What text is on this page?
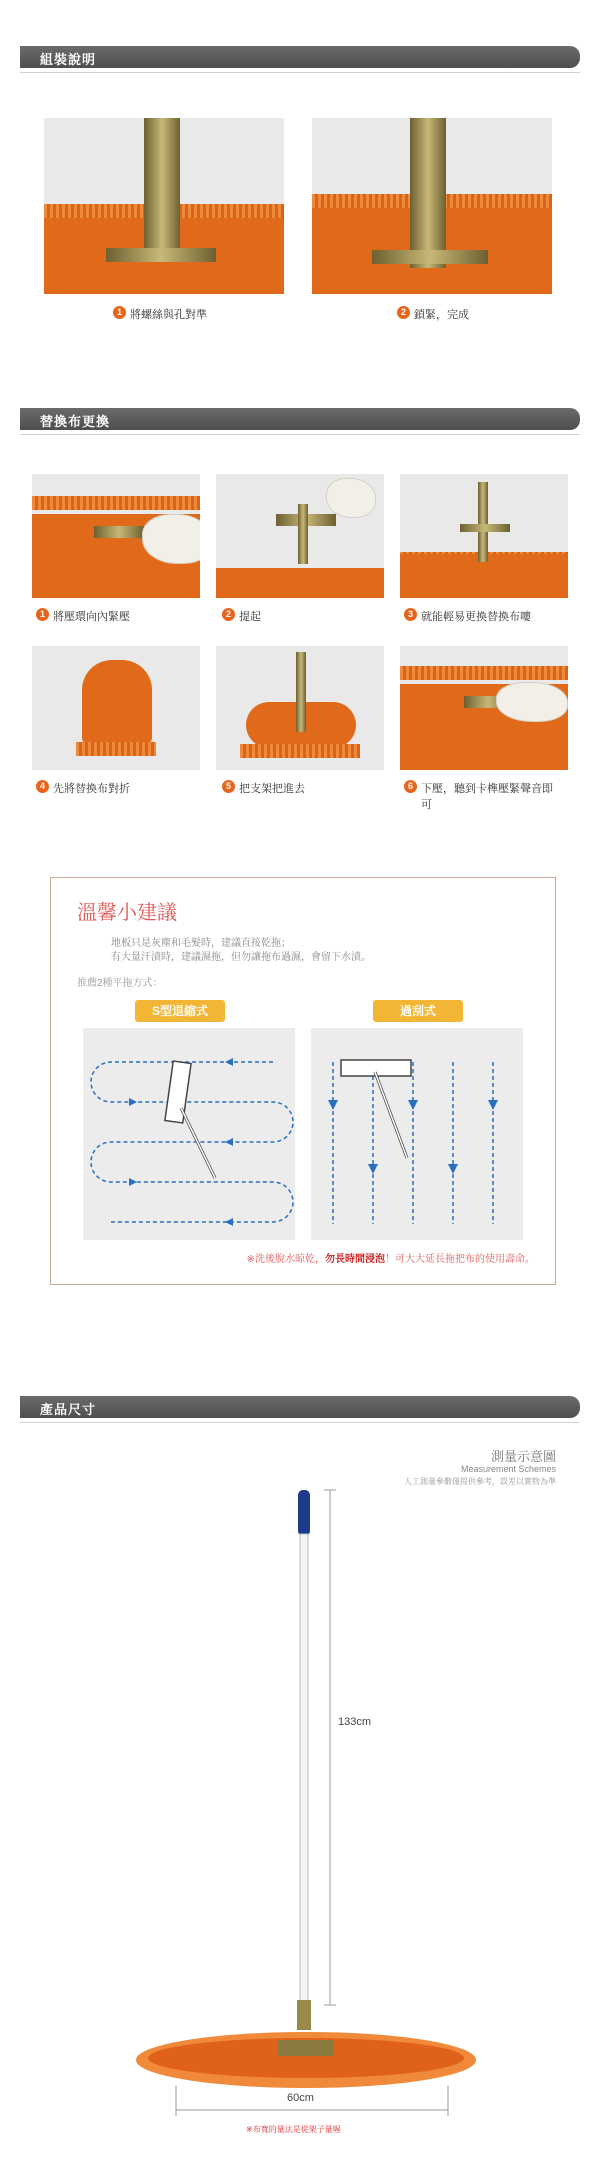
組裝說明
1 將螺絲與孔對準	2 鎖緊，完成
替換布更換
1 將壓環向內緊壓	2 提起	3 就能輕易更換替換布嘍
4 先將替換布對折	5 把支架把進去	6 下壓，聽到卡榫壓緊聲音即可
溫馨小建議
地板只是灰塵和毛髮時，建議直接乾拖；
有大量汗漬時，建議濕拖，但勿讓拖布過濕，會留下水漬。
推薦2種平拖方式：
S型退縮式	過刮式
※洗後脫水晾乾，勿長時間浸泡！可大大延長拖把布的使用壽命。
產品尺寸
測量示意圖
Measurement Schemes
人工測量參數僅提供參考，誤差以實物為準
133cm
60cm
※布寬的量法是從架子量喔
